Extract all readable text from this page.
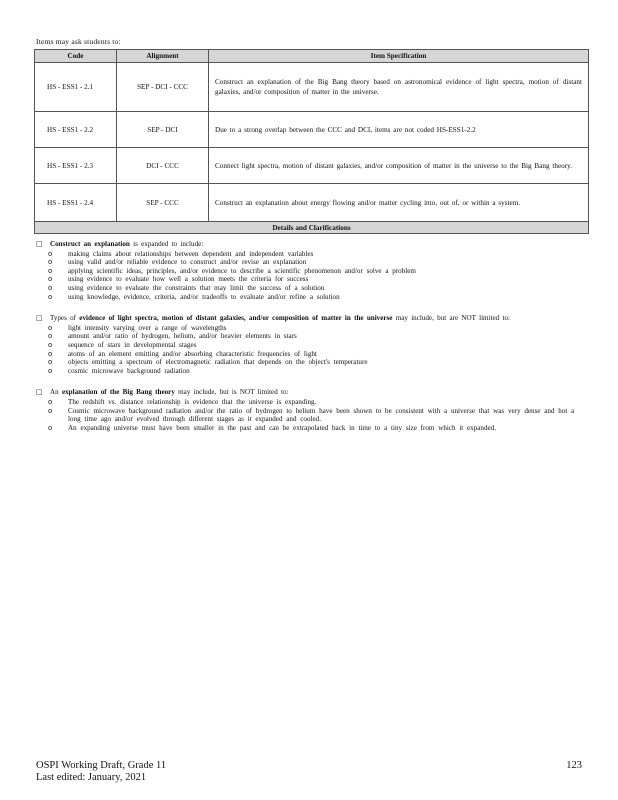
Items may ask students to:
Code	Alignment	Item Specification
HS - ESS1 - 2.1	SEP - DCI - CCC	Construct an explanation of the Big Bang theory based on astronomical evidence of light spectra, motion of distant galaxies, and/or composition of matter in the universe.
HS - ESS1 - 2.2	SEP - DCI	Due to a strong overlap between the CCC and DCI, items are not coded HS-ESS1-2.2
HS - ESS1 - 2.3	DCI - CCC	Connect light spectra, motion of distant galaxies, and/or composition of matter in the universe to the Big Bang theory.
HS - ESS1 - 2.4	SEP - CCC	Construct an explanation about energy flowing and/or matter cycling into, out of, or within a system.
Details and Clarifications		
□	Construct an explanation is expanded to include:
o	making claims about relationships between dependent and independent variables
o	using valid and/or reliable evidence to construct and/or revise an explanation
o	applying scientific ideas, principles, and/or evidence to describe a scientific phenomenon and/or solve a problem
o	using evidence to evaluate how well a solution meets the criteria for success
o	using evidence to evaluate the constraints that may limit the success of a solution
o	using knowledge, evidence, criteria, and/or tradeoffs to evaluate and/or refine a solution
□	Types of evidence of light spectra, motion of distant galaxies, and/or composition of matter in the universe may include, but are NOT limited to:
o	light intensity varying over a range of wavelengths
o	amount and/or ratio of hydrogen, helium, and/or heavier elements in stars
o	sequence of stars in developmental stages
o	atoms of an element emitting and/or absorbing characteristic frequencies of light
o	objects emitting a spectrum of electromagnetic radiation that depends on the object's temperature
o	cosmic microwave background radiation
□	An explanation of the Big Bang theory may include, but is NOT limited to:
o	The redshift vs. distance relationship is evidence that the universe is expanding.
o	Cosmic microwave background radiation and/or the ratio of hydrogen to helium have been shown to be consistent with a universe that was very dense and hot a long time ago and/or evolved through different stages as it expanded and cooled.
o	An expanding universe must have been smaller in the past and can be extrapolated back in time to a tiny size from which it expanded.
OSPI Working Draft, Grade 11
Last edited: January, 2021
123
